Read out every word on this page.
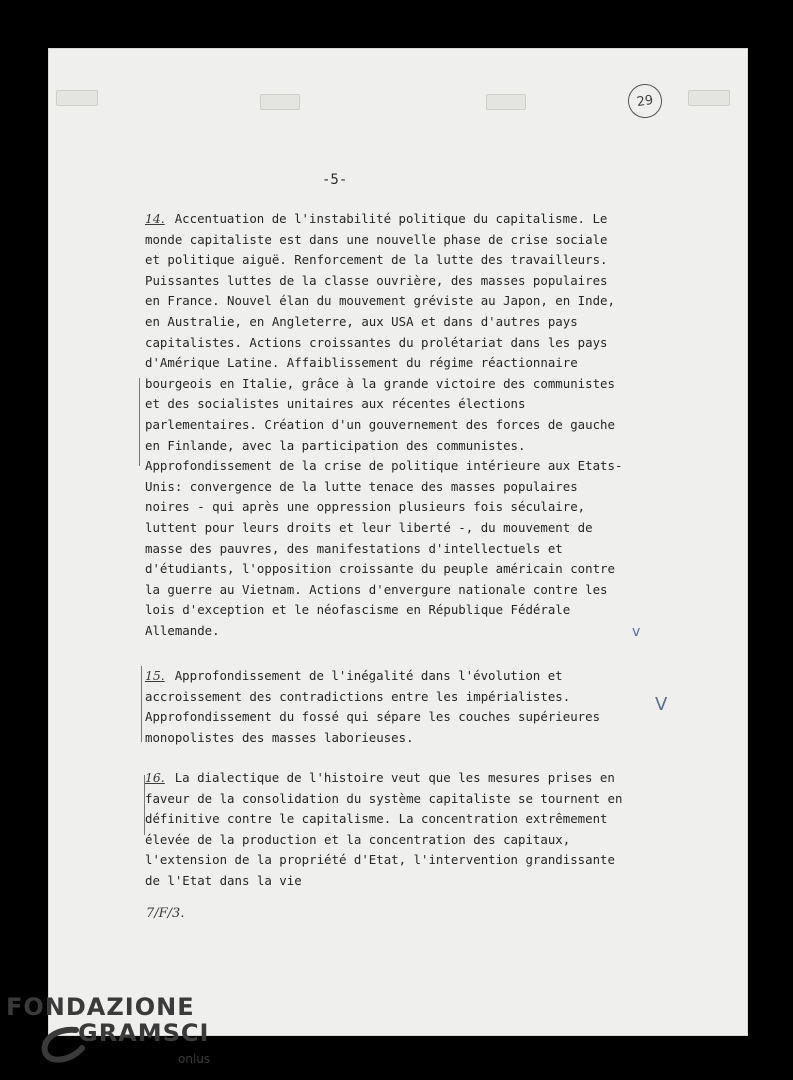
29
-5-

14. Accentuation de l'instabilité politique du capitalisme. Le monde capitaliste est dans une nouvelle phase de crise sociale et politique aiguë. Renforcement de la lutte des travailleurs. Puissantes luttes de la classe ouvrière, des masses populaires en France. Nouvel élan du mouvement gréviste au Japon, en Inde, en Australie, en Angleterre, aux USA et dans d'autres pays capitalistes. Actions croissantes du prolétariat dans les pays d'Amérique Latine. Affaiblissement du régime réactionnaire bourgeois en Italie, grâce à la grande victoire des communistes et des socialistes unitaires aux récentes élections parlementaires. Création d'un gouvernement des forces de gauche en Finlande, avec la participation des communistes. Approfondissement de la crise de politique intérieure aux Etats-Unis: convergence de la lutte tenace des masses populaires noires - qui après une oppression plusieurs fois séculaire, luttent pour leurs droits et leur liberté -, du mouvement de masse des pauvres, des manifestations d'intellectuels et d'étudiants, l'opposition croissante du peuple américain contre la guerre au Vietnam. Actions d'envergure nationale contre les lois d'exception et le néofascisme en République Fédérale Allemande.

15. Approfondissement de l'inégalité dans l'évolution et accroissement des contradictions entre les impérialistes. Approfondissement du fossé qui sépare les couches supérieures monopolistes des masses laborieuses.

16. La dialectique de l'histoire veut que les mesures prises en faveur de la consolidation du système capitaliste se tournent en définitive contre le capitalisme. La concentration extrêmement élevée de la production et la concentration des capitaux, l'extension de la propriété d'Etat, l'intervention grandissante de l'Etat dans la vie

v
V
7/F/3.
FONDAZIONE
GRAMSCI
onlus
